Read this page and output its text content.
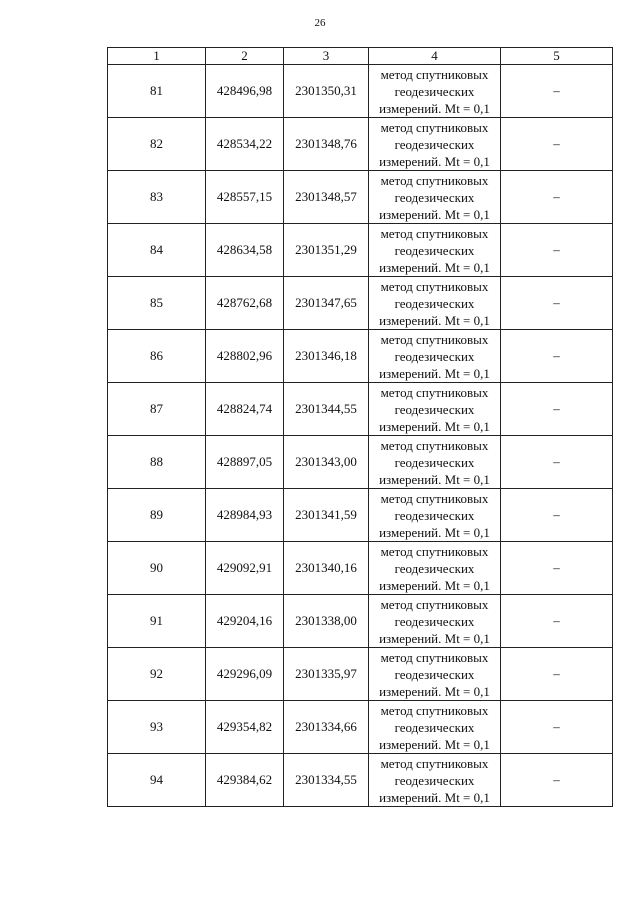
26
1	2	3	4	5
81	428496,98	2301350,31	метод спутниковых
геодезических
измерений. Mt = 0,1	–
82	428534,22	2301348,76	метод спутниковых
геодезических
измерений. Mt = 0,1	–
83	428557,15	2301348,57	метод спутниковых
геодезических
измерений. Mt = 0,1	–
84	428634,58	2301351,29	метод спутниковых
геодезических
измерений. Mt = 0,1	–
85	428762,68	2301347,65	метод спутниковых
геодезических
измерений. Mt = 0,1	–
86	428802,96	2301346,18	метод спутниковых
геодезических
измерений. Mt = 0,1	–
87	428824,74	2301344,55	метод спутниковых
геодезических
измерений. Mt = 0,1	–
88	428897,05	2301343,00	метод спутниковых
геодезических
измерений. Mt = 0,1	–
89	428984,93	2301341,59	метод спутниковых
геодезических
измерений. Mt = 0,1	–
90	429092,91	2301340,16	метод спутниковых
геодезических
измерений. Mt = 0,1	–
91	429204,16	2301338,00	метод спутниковых
геодезических
измерений. Mt = 0,1	–
92	429296,09	2301335,97	метод спутниковых
геодезических
измерений. Mt = 0,1	–
93	429354,82	2301334,66	метод спутниковых
геодезических
измерений. Mt = 0,1	–
94	429384,62	2301334,55	метод спутниковых
геодезических
измерений. Mt = 0,1	–
